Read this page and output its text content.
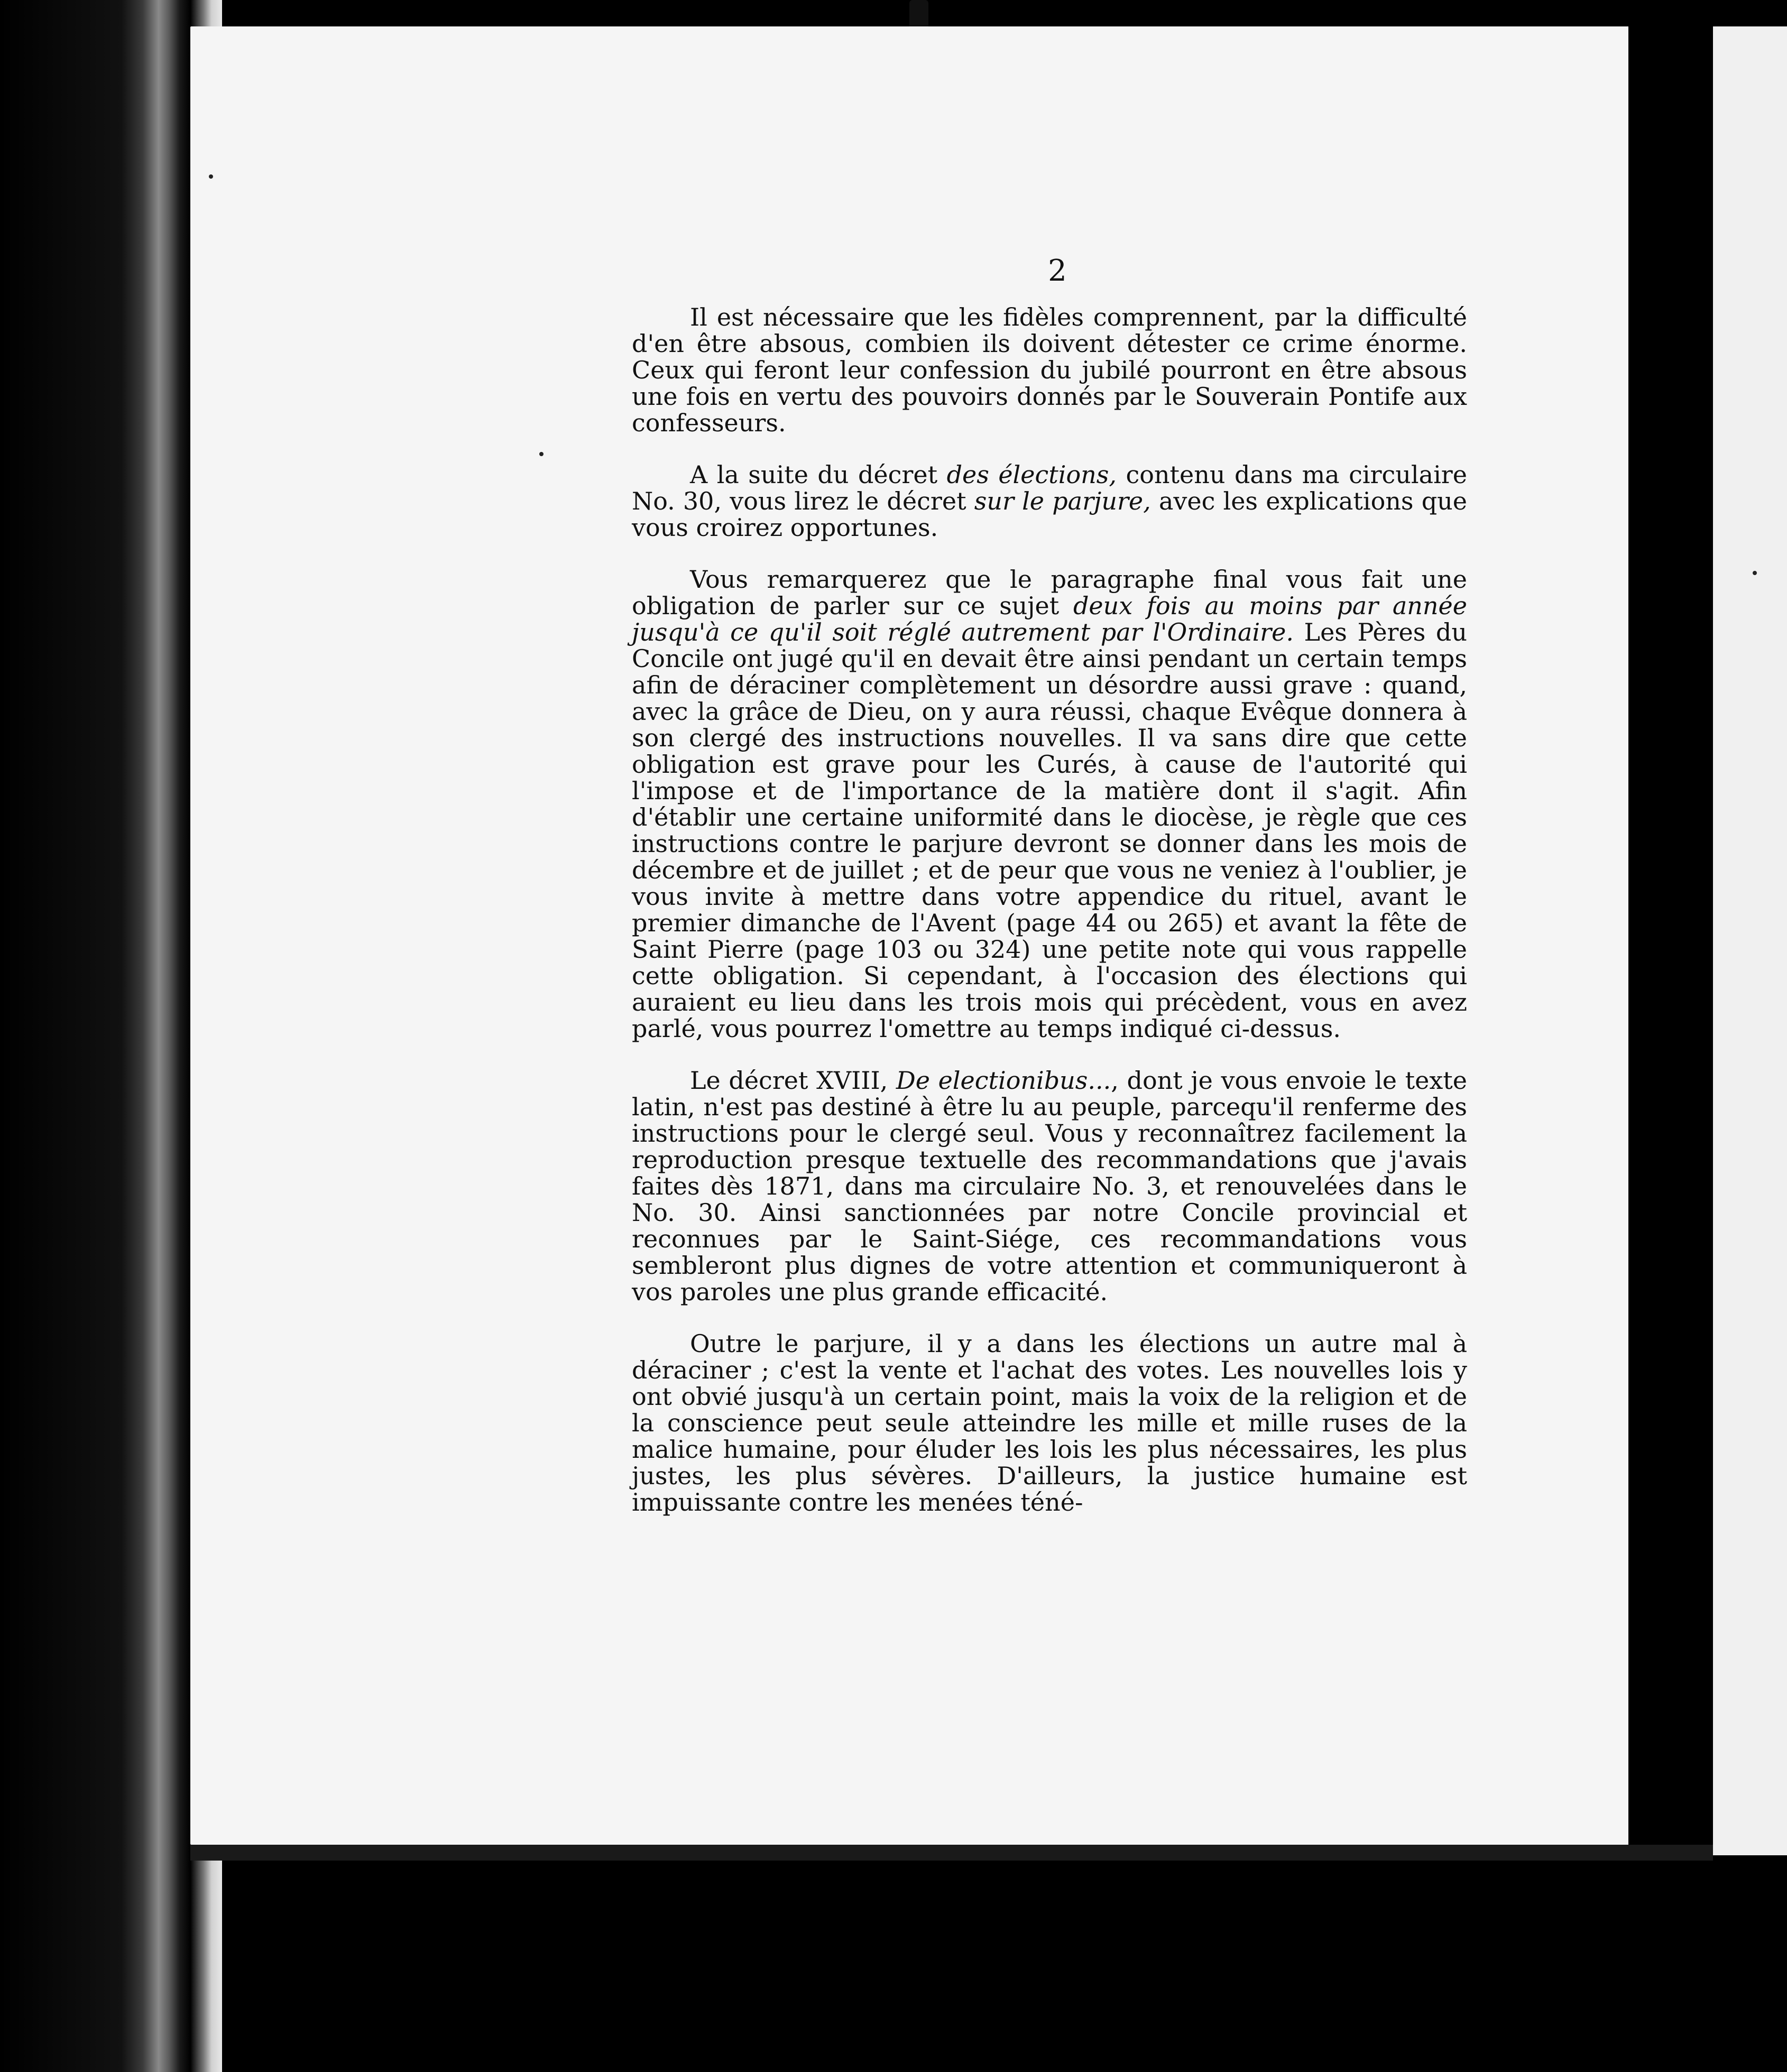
2

Il est nécessaire que les fidèles comprennent, par la difficulté d'en être absous, combien ils doivent détester ce crime énorme. Ceux qui feront leur confession du jubilé pourront en être absous une fois en vertu des pouvoirs donnés par le Souverain Pontife aux confesseurs.

A la suite du décret des élections, contenu dans ma circulaire No. 30, vous lirez le décret sur le parjure, avec les explications que vous croirez opportunes.

Vous remarquerez que le paragraphe final vous fait une obligation de parler sur ce sujet deux fois au moins par année jusqu'à ce qu'il soit réglé autrement par l'Ordinaire. Les Pères du Concile ont jugé qu'il en devait être ainsi pendant un certain temps afin de déraciner complètement un désordre aussi grave : quand, avec la grâce de Dieu, on y aura réussi, chaque Evêque donnera à son clergé des instructions nouvelles. Il va sans dire que cette obligation est grave pour les Curés, à cause de l'autorité qui l'impose et de l'importance de la matière dont il s'agit. Afin d'établir une certaine uniformité dans le diocèse, je règle que ces instructions contre le parjure devront se donner dans les mois de décembre et de juillet ; et de peur que vous ne veniez à l'oublier, je vous invite à mettre dans votre appendice du rituel, avant le premier dimanche de l'Avent (page 44 ou 265) et avant la fête de Saint Pierre (page 103 ou 324) une petite note qui vous rappelle cette obligation. Si cependant, à l'occasion des élections qui auraient eu lieu dans les trois mois qui précèdent, vous en avez parlé, vous pourrez l'omettre au temps indiqué ci-dessus.

Le décret XVIII, De electionibus..., dont je vous envoie le texte latin, n'est pas destiné à être lu au peuple, parcequ'il renferme des instructions pour le clergé seul. Vous y reconnaîtrez facilement la reproduction presque textuelle des recommandations que j'avais faites dès 1871, dans ma circulaire No. 3, et renouvelées dans le No. 30. Ainsi sanctionnées par notre Concile provincial et reconnues par le Saint-Siége, ces recommandations vous sembleront plus dignes de votre attention et communiqueront à vos paroles une plus grande efficacité.

Outre le parjure, il y a dans les élections un autre mal à déraciner ; c'est la vente et l'achat des votes. Les nouvelles lois y ont obvié jusqu'à un certain point, mais la voix de la religion et de la conscience peut seule atteindre les mille et mille ruses de la malice humaine, pour éluder les lois les plus nécessaires, les plus justes, les plus sévères. D'ailleurs, la justice humaine est impuissante contre les menées téné-
